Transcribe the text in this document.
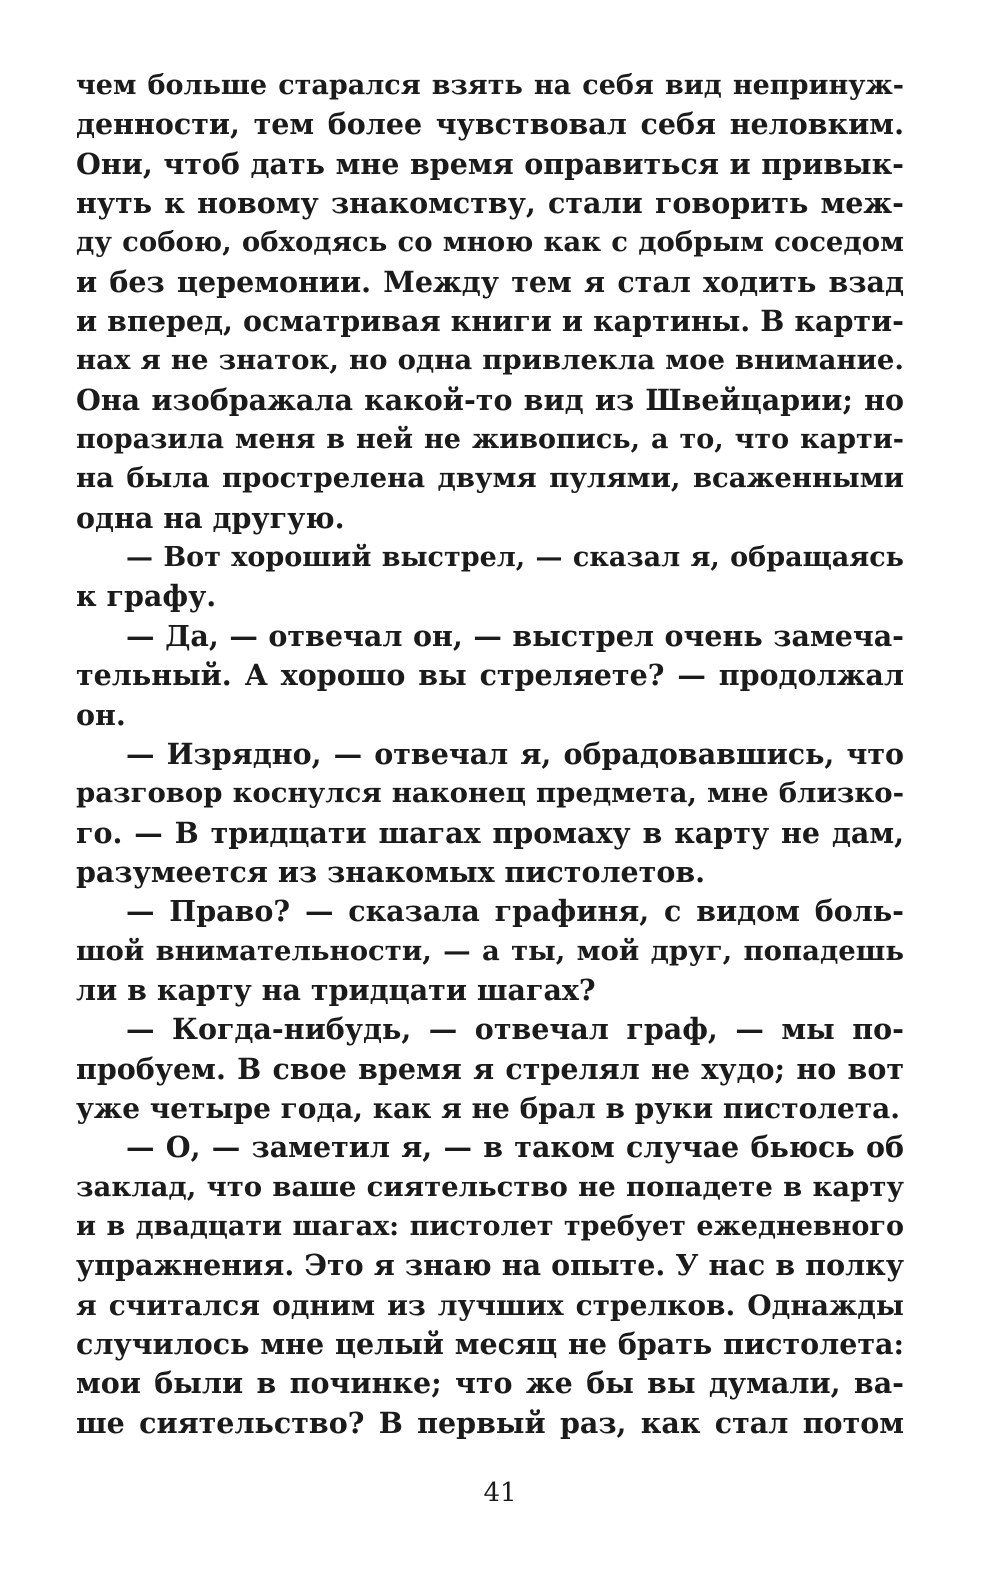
чем больше старался взять на себя вид непринуж-
денности, тем более чувствовал себя неловким.
Они, чтоб дать мне время оправиться и привык-
нуть к новому знакомству, стали говорить меж-
ду собою, обходясь со мною как с добрым соседом
и без церемонии. Между тем я стал ходить взад
и вперед, осматривая книги и картины. В карти-
нах я не знаток, но одна привлекла мое внимание.
Она изображала какой-то вид из Швейцарии; но
поразила меня в ней не живопись, а то, что карти-
на была прострелена двумя пулями, всаженными
одна на другую.
— Вот хороший выстрел, — сказал я, обращаясь
к графу.
— Да, — отвечал он, — выстрел очень замеча-
тельный. А хорошо вы стреляете? — продолжал
он.
— Изрядно, — отвечал я, обрадовавшись, что
разговор коснулся наконец предмета, мне близко-
го. — В тридцати шагах промаху в карту не дам,
разумеется из знакомых пистолетов.
— Право? — сказала графиня, с видом боль-
шой внимательности, — а ты, мой друг, попадешь
ли в карту на тридцати шагах?
— Когда-нибудь, — отвечал граф, — мы по-
пробуем. В свое время я стрелял не худо; но вот
уже четыре года, как я не брал в руки пистолета.
— О, — заметил я, — в таком случае бьюсь об
заклад, что ваше сиятельство не попадете в карту
и в двадцати шагах: пистолет требует ежедневного
упражнения. Это я знаю на опыте. У нас в полку
я считался одним из лучших стрелков. Однажды
случилось мне целый месяц не брать пистолета:
мои были в починке; что же бы вы думали, ва-
ше сиятельство? В первый раз, как стал потом
41
